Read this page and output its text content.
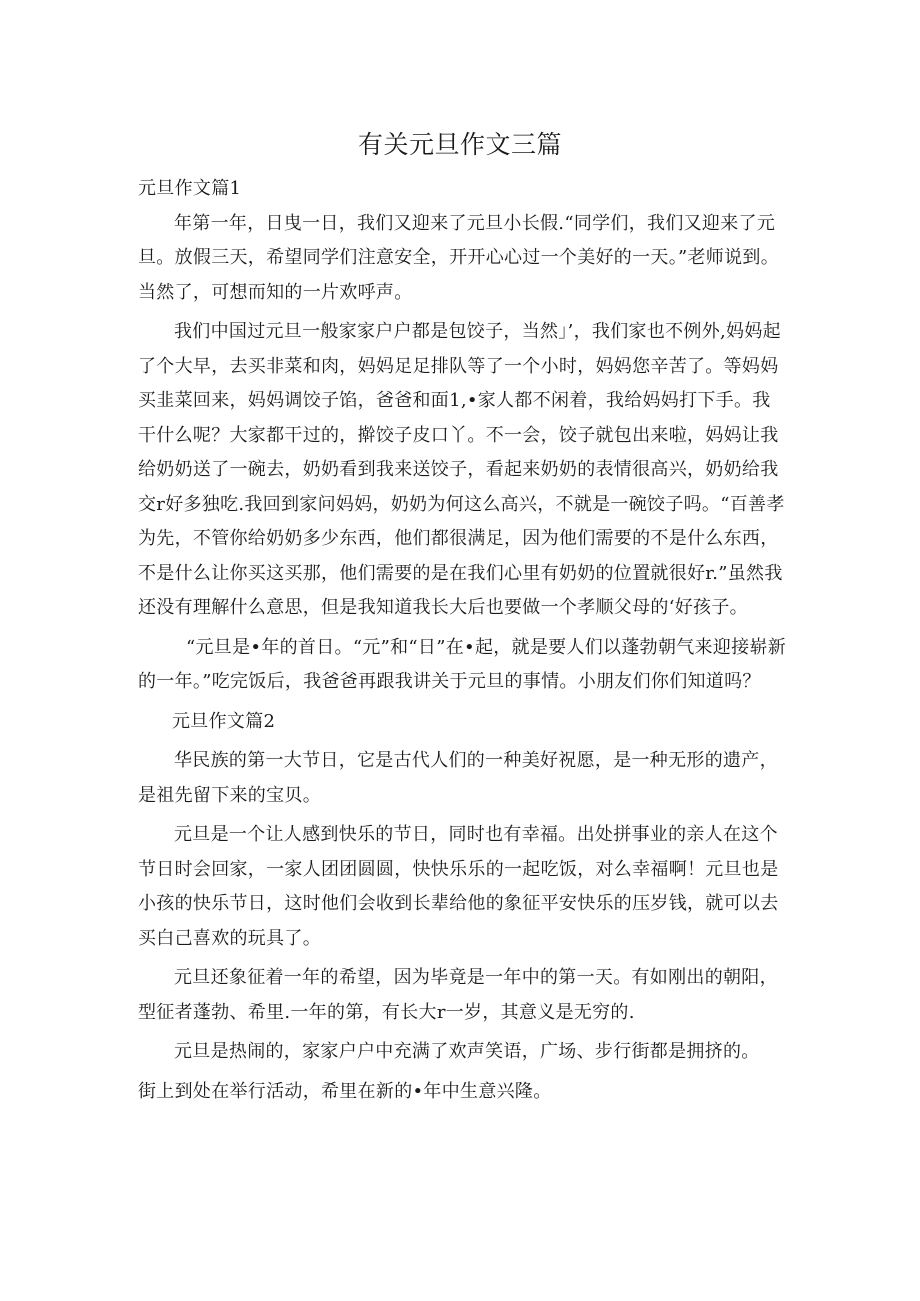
有关元旦作文三篇
元旦作文篇1

年第一年，日曳一日，我们又迎来了元旦小长假.“同学们，我们又迎来了元旦。放假三天，希望同学们注意安全，开开心心过一个美好的一天。”老师说到。当然了，可想而知的一片欢呼声。

我们中国过元旦一般家家户户都是包饺子，当然」’，我们家也不例外,妈妈起了个大早，去买非菜和肉，妈妈足足排队等了一个小时，妈妈您辛苦了。等妈妈买韭菜回来，妈妈调饺子馅，爸爸和面1,•家人都不闲着，我给妈妈打下手。我干什么呢？大家都干过的，擀饺子皮口丫。不一会，饺子就包出来啦，妈妈让我给奶奶送了一碗去，奶奶看到我来送饺子，看起来奶奶的表情很高兴，奶奶给我交r好多独吃.我回到家问妈妈，奶奶为何这么高兴，不就是一碗饺子吗。“百善孝为先，不管你给奶奶多少东西，他们都很满足，因为他们需要的不是什么东西，不是什么让你买这买那，他们需要的是在我们心里有奶奶的位置就很好r.”虽然我还没有理解什么意思，但是我知道我长大后也要做一个孝顺父母的‘好孩子。

“元旦是•年的首日。“元”和“日”在•起，就是要人们以蓬勃朝气来迎接崭新的一年。”吃完饭后，我爸爸再跟我讲关于元旦的事情。小朋友们你们知道吗？

元旦作文篇2

华民族的第一大节日，它是古代人们的一种美好祝愿，是一种无形的遗产，是祖先留下来的宝贝。

元旦是一个让人感到快乐的节日，同时也有幸福。出处拼事业的亲人在这个节日时会回家，一家人团团圆圆，快快乐乐的一起吃饭，对么幸福啊！元旦也是小孩的快乐节日，这时他们会收到长辈给他的象征平安快乐的压岁钱，就可以去买白己喜欢的玩具了。

元旦还象征着一年的希望，因为毕竟是一年中的第一天。有如刚出的朝阳，型征者蓬勃、希里.一年的第，有长大r一岁，其意义是无穷的.

元旦是热闹的，家家户户中充满了欢声笑语，广场、步行街都是拥挤的。

街上到处在举行活动，希里在新的•年中生意兴隆。
